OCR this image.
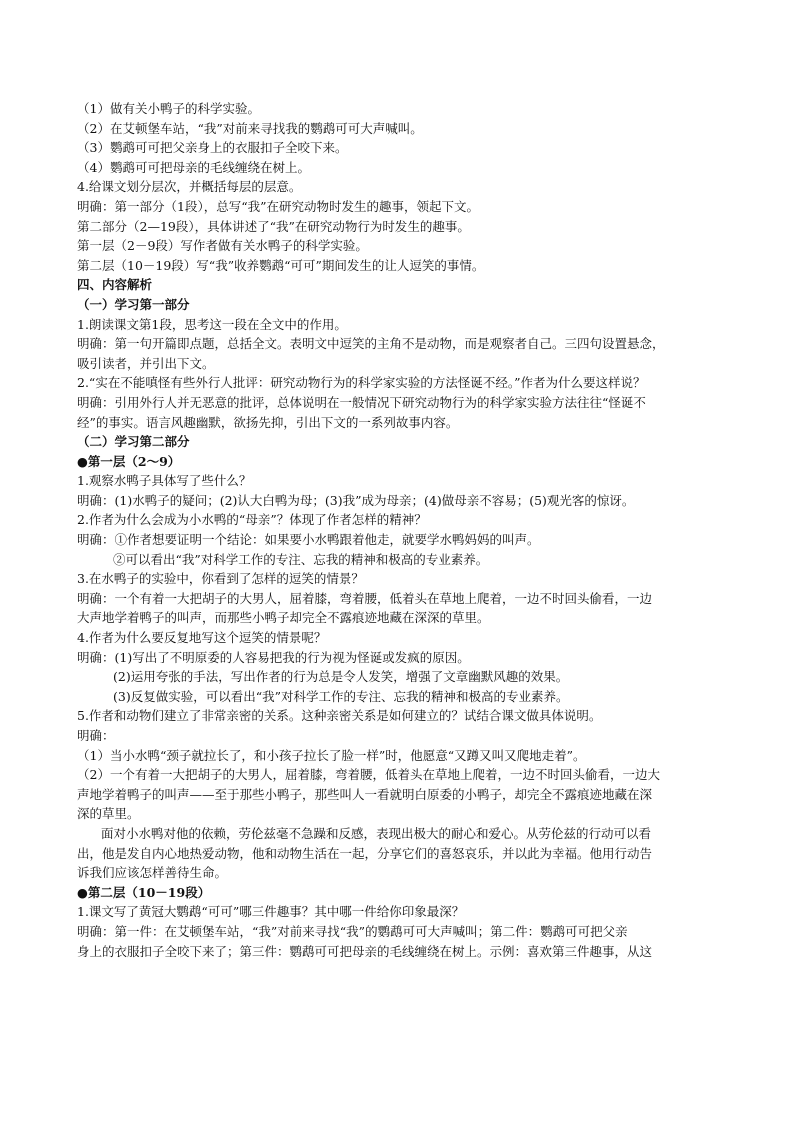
（1）做有关小鸭子的科学实验。
（2）在艾顿堡车站，“我”对前来寻找我的鹦鹉可可大声喊叫。
（3）鹦鹉可可把父亲身上的衣服扣子全咬下来。
（4）鹦鹉可可把母亲的毛线缠绕在树上。
4.给课文划分层次，并概括每层的层意。
明确：第一部分（1段），总写“我”在研究动物时发生的趣事，领起下文。
第二部分（2—19段），具体讲述了“我”在研究动物行为时发生的趣事。
第一层（2－9段）写作者做有关水鸭子的科学实验。
第二层（10－19段）写“我”收养鹦鹉“可可”期间发生的让人逗笑的事情。
四、内容解析
（一）学习第一部分
1.朗读课文第1段，思考这一段在全文中的作用。
明确：第一句开篇即点题，总括全文。表明文中逗笑的主角不是动物，而是观察者自己。三四句设置悬念，
吸引读者，并引出下文。
2.“实在不能嗔怪有些外行人批评：研究动物行为的科学家实验的方法怪诞不经。”作者为什么要这样说？
明确：引用外行人并无恶意的批评，总体说明在一般情况下研究动物行为的科学家实验方法往往“怪诞不
经”的事实。语言风趣幽默，欲扬先抑，引出下文的一系列故事内容。
（二）学习第二部分
●第一层（2～9）
1.观察水鸭子具体写了些什么？
明确：(1)水鸭子的疑问；(2)认大白鸭为母；(3)我”成为母亲；(4)做母亲不容易；(5)观光客的惊讶。
2.作者为什么会成为小水鸭的“母亲”？体现了作者怎样的精神？
明确：①作者想要证明一个结论：如果要小水鸭跟着他走，就要学水鸭妈妈的叫声。
②可以看出“我”对科学工作的专注、忘我的精神和极高的专业素养。
3.在水鸭子的实验中，你看到了怎样的逗笑的情景？
明确：一个有着一大把胡子的大男人，屈着膝，弯着腰，低着头在草地上爬着，一边不时回头偷看，一边
大声地学着鸭子的叫声，而那些小鸭子却完全不露痕迹地藏在深深的草里。
4.作者为什么要反复地写这个逗笑的情景呢？
明确：(1)写出了不明原委的人容易把我的行为视为怪诞或发疯的原因。
(2)运用夸张的手法，写出作者的行为总是令人发笑，增强了文章幽默风趣的效果。
(3)反复做实验，可以看出“我”对科学工作的专注、忘我的精神和极高的专业素养。
5.作者和动物们建立了非常亲密的关系。这种亲密关系是如何建立的？试结合课文做具体说明。
明确：
（1）当小水鸭“颈子就拉长了，和小孩子拉长了脸一样”时，他愿意“又蹲又叫又爬地走着”。
（2）一个有着一大把胡子的大男人，屈着膝，弯着腰，低着头在草地上爬着，一边不时回头偷看，一边大
声地学着鸭子的叫声——至于那些小鸭子，那些叫人一看就明白原委的小鸭子，却完全不露痕迹地藏在深
深的草里。
面对小水鸭对他的依赖，劳伦兹毫不急躁和反感，表现出极大的耐心和爱心。从劳伦兹的行动可以看
出，他是发自内心地热爱动物，他和动物生活在一起，分享它们的喜怒哀乐，并以此为幸福。他用行动告
诉我们应该怎样善待生命。
●第二层（10－19段）
1.课文写了黄冠大鹦鹉“可可”哪三件趣事？其中哪一件给你印象最深？
明确：第一件：在艾顿堡车站，“我”对前来寻找“我”的鹦鹉可可大声喊叫；第二件：鹦鹉可可把父亲
身上的衣服扣子全咬下来了；第三件：鹦鹉可可把母亲的毛线缠绕在树上。示例：喜欢第三件趣事，从这
